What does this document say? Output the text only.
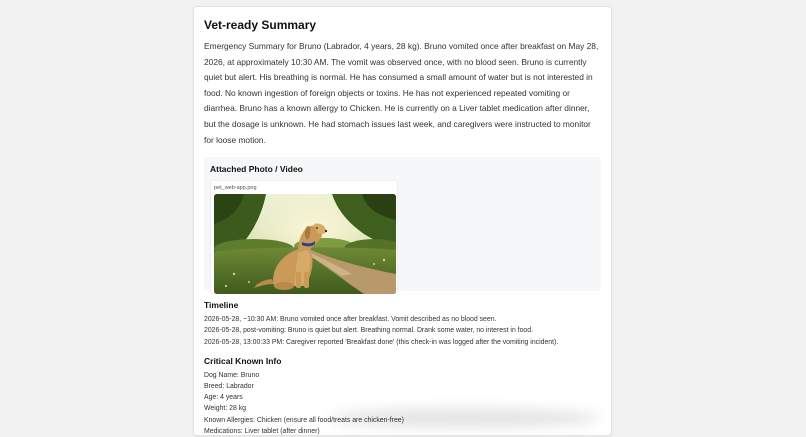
Vet-ready Summary

Emergency Summary for Bruno (Labrador, 4 years, 28 kg). Bruno vomited once after breakfast on May 28, 2026, at approximately 10:30 AM. The vomit was observed once, with no blood seen. Bruno is currently quiet but alert. His breathing is normal. He has consumed a small amount of water but is not interested in food. No known ingestion of foreign objects or toxins. He has not experienced repeated vomiting or diarrhea. Bruno has a known allergy to Chicken. He is currently on a Liver tablet medication after dinner, but the dosage is unknown. He had stomach issues last week, and caregivers were instructed to monitor for loose motion.

Attached Photo / Video
pet_web-app.png
Timeline
2026-05-28, ~10:30 AM: Bruno vomited once after breakfast. Vomit described as no blood seen.
2026-05-28, post-vomiting: Bruno is quiet but alert. Breathing normal. Drank some water, no interest in food.
2026-05-28, 13:00:33 PM: Caregiver reported 'Breakfast done' (this check-in was logged after the vomiting incident).
Critical Known Info
Dog Name: Bruno
Breed: Labrador
Age: 4 years
Weight: 28 kg
Known Allergies: Chicken (ensure all food/treats are chicken-free)
Medications: Liver tablet (after dinner)
